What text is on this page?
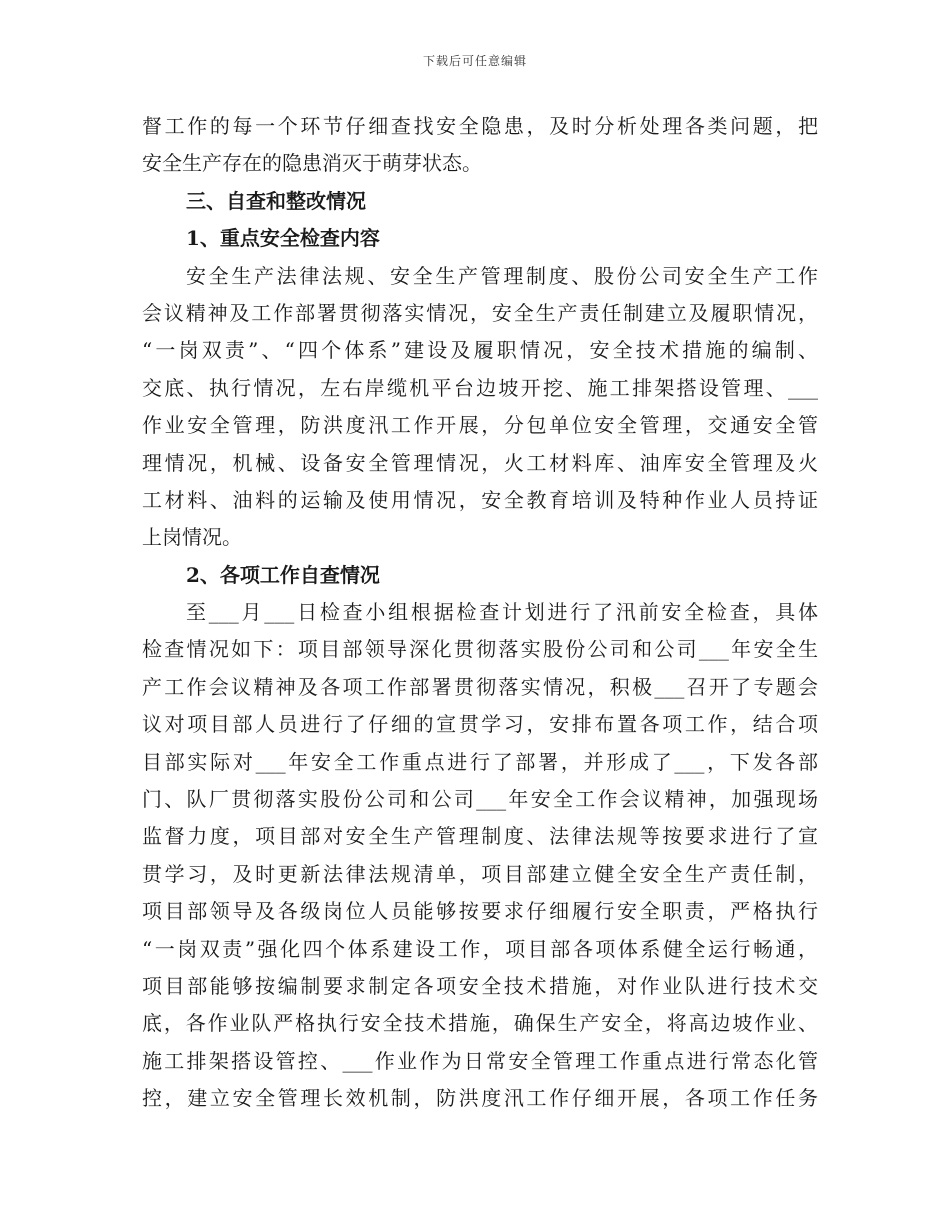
下载后可任意编辑
督工作的每一个环节仔细查找安全隐患，及时分析处理各类问题，把
安全生产存在的隐患消灭于萌芽状态。
三、自查和整改情况
1、重点安全检查内容
安全生产法律法规、安全生产管理制度、股份公司安全生产工作
会议精神及工作部署贯彻落实情况，安全生产责任制建立及履职情况，
“一岗双责”、“四个体系”建设及履职情况，安全技术措施的编制、
交底、执行情况，左右岸缆机平台边坡开挖、施工排架搭设管理、___
作业安全管理，防洪度汛工作开展，分包单位安全管理，交通安全管
理情况，机械、设备安全管理情况，火工材料库、油库安全管理及火
工材料、油料的运输及使用情况，安全教育培训及特种作业人员持证
上岗情况。
2、各项工作自查情况
至___月___日检查小组根据检查计划进行了汛前安全检查，具体
检查情况如下：项目部领导深化贯彻落实股份公司和公司___年安全生
产工作会议精神及各项工作部署贯彻落实情况，积极___召开了专题会
议对项目部人员进行了仔细的宣贯学习，安排布置各项工作，结合项
目部实际对___年安全工作重点进行了部署，并形成了___，下发各部
门、队厂贯彻落实股份公司和公司___年安全工作会议精神，加强现场
监督力度，项目部对安全生产管理制度、法律法规等按要求进行了宣
贯学习，及时更新法律法规清单，项目部建立健全安全生产责任制，
项目部领导及各级岗位人员能够按要求仔细履行安全职责，严格执行
“一岗双责”强化四个体系建设工作，项目部各项体系健全运行畅通，
项目部能够按编制要求制定各项安全技术措施，对作业队进行技术交
底，各作业队严格执行安全技术措施，确保生产安全，将高边坡作业、
施工排架搭设管控、___作业作为日常安全管理工作重点进行常态化管
控，建立安全管理长效机制，防洪度汛工作仔细开展，各项工作任务
